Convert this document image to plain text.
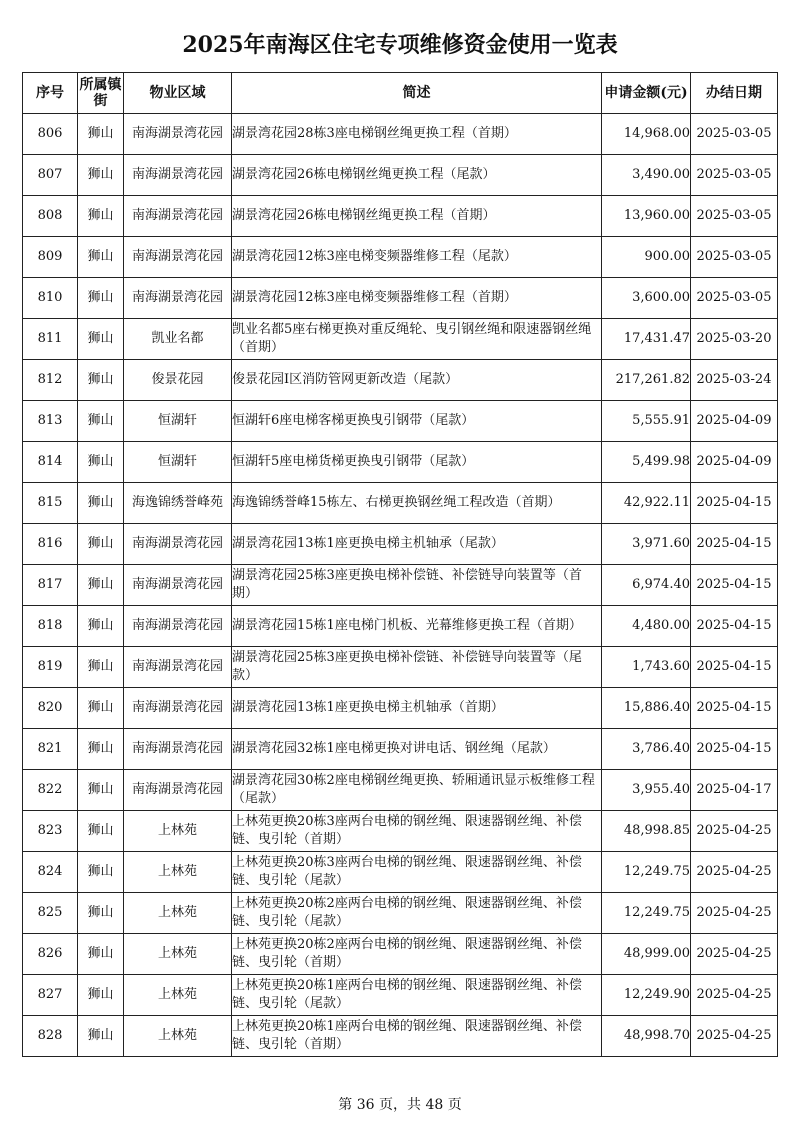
2025年南海区住宅专项维修资金使用一览表
序号	所属镇街	物业区域	简述	申请金额(元)	办结日期
806	狮山	南海湖景湾花园	湖景湾花园28栋3座电梯钢丝绳更换工程（首期）	14,968.00	2025-03-05
807	狮山	南海湖景湾花园	湖景湾花园26栋电梯钢丝绳更换工程（尾款）	3,490.00	2025-03-05
808	狮山	南海湖景湾花园	湖景湾花园26栋电梯钢丝绳更换工程（首期）	13,960.00	2025-03-05
809	狮山	南海湖景湾花园	湖景湾花园12栋3座电梯变频器维修工程（尾款）	900.00	2025-03-05
810	狮山	南海湖景湾花园	湖景湾花园12栋3座电梯变频器维修工程（首期）	3,600.00	2025-03-05
811	狮山	凯业名都	凯业名都5座右梯更换对重反绳轮、曳引钢丝绳和限速器钢丝绳（首期）	17,431.47	2025-03-20
812	狮山	俊景花园	俊景花园I区消防管网更新改造（尾款）	217,261.82	2025-03-24
813	狮山	恒湖轩	恒湖轩6座电梯客梯更换曳引钢带（尾款）	5,555.91	2025-04-09
814	狮山	恒湖轩	恒湖轩5座电梯货梯更换曳引钢带（尾款）	5,499.98	2025-04-09
815	狮山	海逸锦绣誉峰苑	海逸锦绣誉峰15栋左、右梯更换钢丝绳工程改造（首期）	42,922.11	2025-04-15
816	狮山	南海湖景湾花园	湖景湾花园13栋1座更换电梯主机轴承（尾款）	3,971.60	2025-04-15
817	狮山	南海湖景湾花园	湖景湾花园25栋3座更换电梯补偿链、补偿链导向装置等（首期）	6,974.40	2025-04-15
818	狮山	南海湖景湾花园	湖景湾花园15栋1座电梯门机板、光幕维修更换工程（首期）	4,480.00	2025-04-15
819	狮山	南海湖景湾花园	湖景湾花园25栋3座更换电梯补偿链、补偿链导向装置等（尾款）	1,743.60	2025-04-15
820	狮山	南海湖景湾花园	湖景湾花园13栋1座更换电梯主机轴承（首期）	15,886.40	2025-04-15
821	狮山	南海湖景湾花园	湖景湾花园32栋1座电梯更换对讲电话、钢丝绳（尾款）	3,786.40	2025-04-15
822	狮山	南海湖景湾花园	湖景湾花园30栋2座电梯钢丝绳更换、轿厢通讯显示板维修工程（尾款）	3,955.40	2025-04-17
823	狮山	上林苑	上林苑更换20栋3座两台电梯的钢丝绳、限速器钢丝绳、补偿链、曳引轮（首期）	48,998.85	2025-04-25
824	狮山	上林苑	上林苑更换20栋3座两台电梯的钢丝绳、限速器钢丝绳、补偿链、曳引轮（尾款）	12,249.75	2025-04-25
825	狮山	上林苑	上林苑更换20栋2座两台电梯的钢丝绳、限速器钢丝绳、补偿链、曳引轮（尾款）	12,249.75	2025-04-25
826	狮山	上林苑	上林苑更换20栋2座两台电梯的钢丝绳、限速器钢丝绳、补偿链、曳引轮（首期）	48,999.00	2025-04-25
827	狮山	上林苑	上林苑更换20栋1座两台电梯的钢丝绳、限速器钢丝绳、补偿链、曳引轮（尾款）	12,249.90	2025-04-25
828	狮山	上林苑	上林苑更换20栋1座两台电梯的钢丝绳、限速器钢丝绳、补偿链、曳引轮（首期）	48,998.70	2025-04-25
第 36 页，共 48 页
